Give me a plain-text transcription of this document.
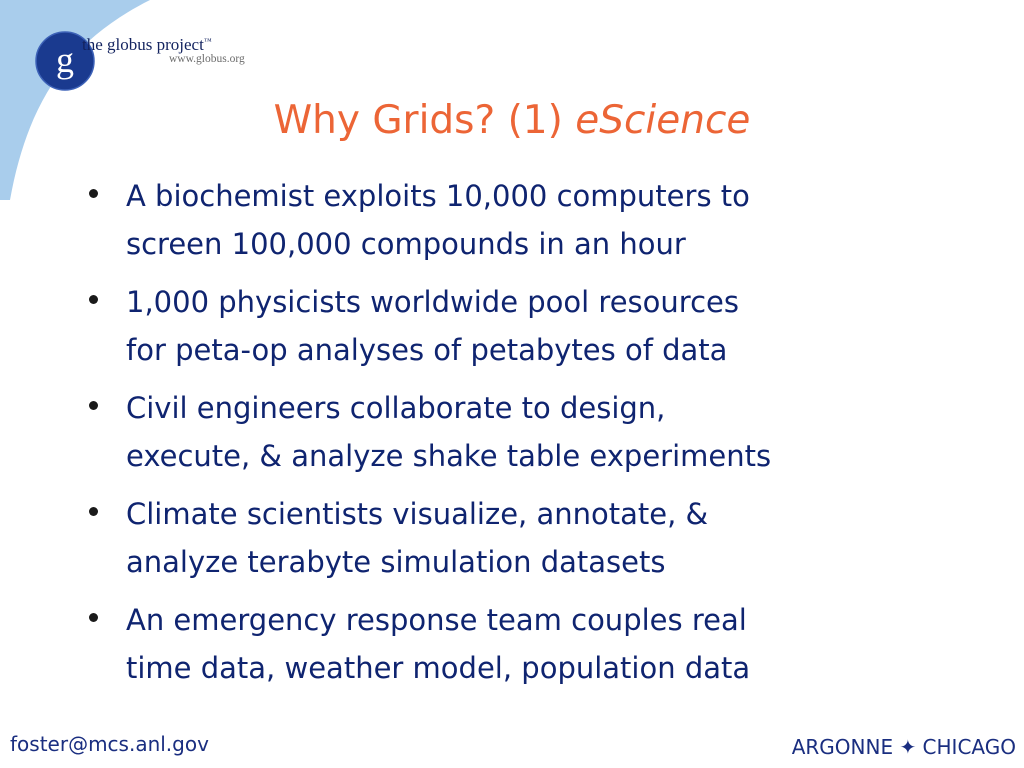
g the globus project™
www.globus.org
Why Grids? (1) eScience
A biochemist exploits 10,000 computers to
screen 100,000 compounds in an hour
1,000 physicists worldwide pool resources
for peta-op analyses of petabytes of data
Civil engineers collaborate to design,
execute, & analyze shake table experiments
Climate scientists visualize, annotate, &
analyze terabyte simulation datasets
An emergency response team couples real
time data, weather model, population data
foster@mcs.anl.gov	ARGONNE ✦ CHICAGO
